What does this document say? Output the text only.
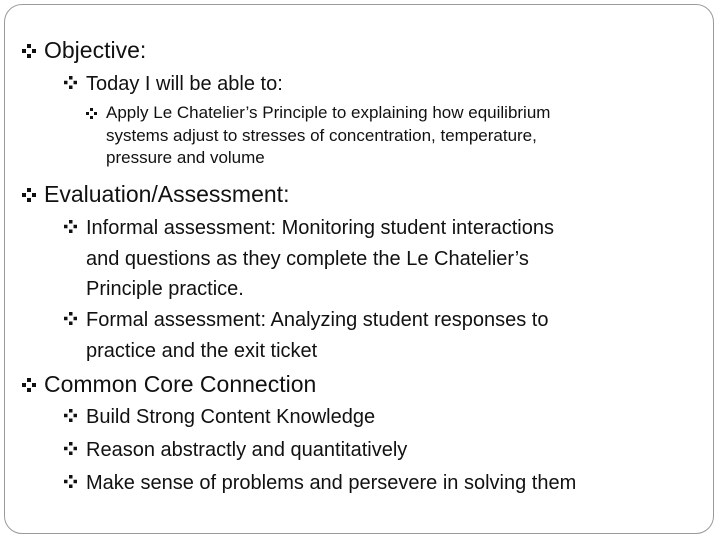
Objective:
Today I will be able to:
Apply Le Chatelier’s Principle to explaining how equilibrium
systems adjust to stresses of concentration, temperature,
pressure and volume
Evaluation/Assessment:
Informal assessment: Monitoring student interactions
and questions as they complete the Le Chatelier’s
Principle practice.
Formal assessment: Analyzing student responses to
practice and the exit ticket
Common Core Connection
Build Strong Content Knowledge
Reason abstractly and quantitatively
Make sense of problems and persevere in solving them
